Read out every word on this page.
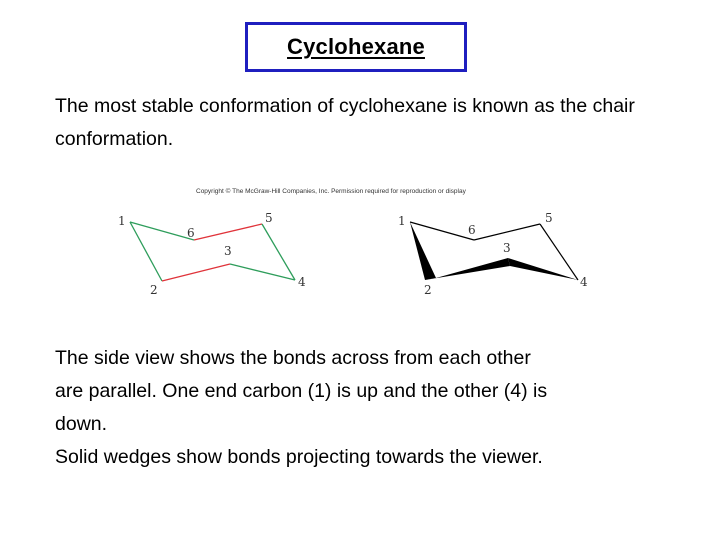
Cyclohexane

The most stable conformation of cyclohexane is known as the chair conformation.

Copyright © The McGraw-Hill Companies, Inc. Permission required for reproduction or display
1
6
5
3
2
4
1
6
5
3
2
4
The side view shows the bonds across from each other
are parallel. One end carbon (1) is up and the other (4) is
down.
Solid wedges show bonds projecting towards the viewer.
